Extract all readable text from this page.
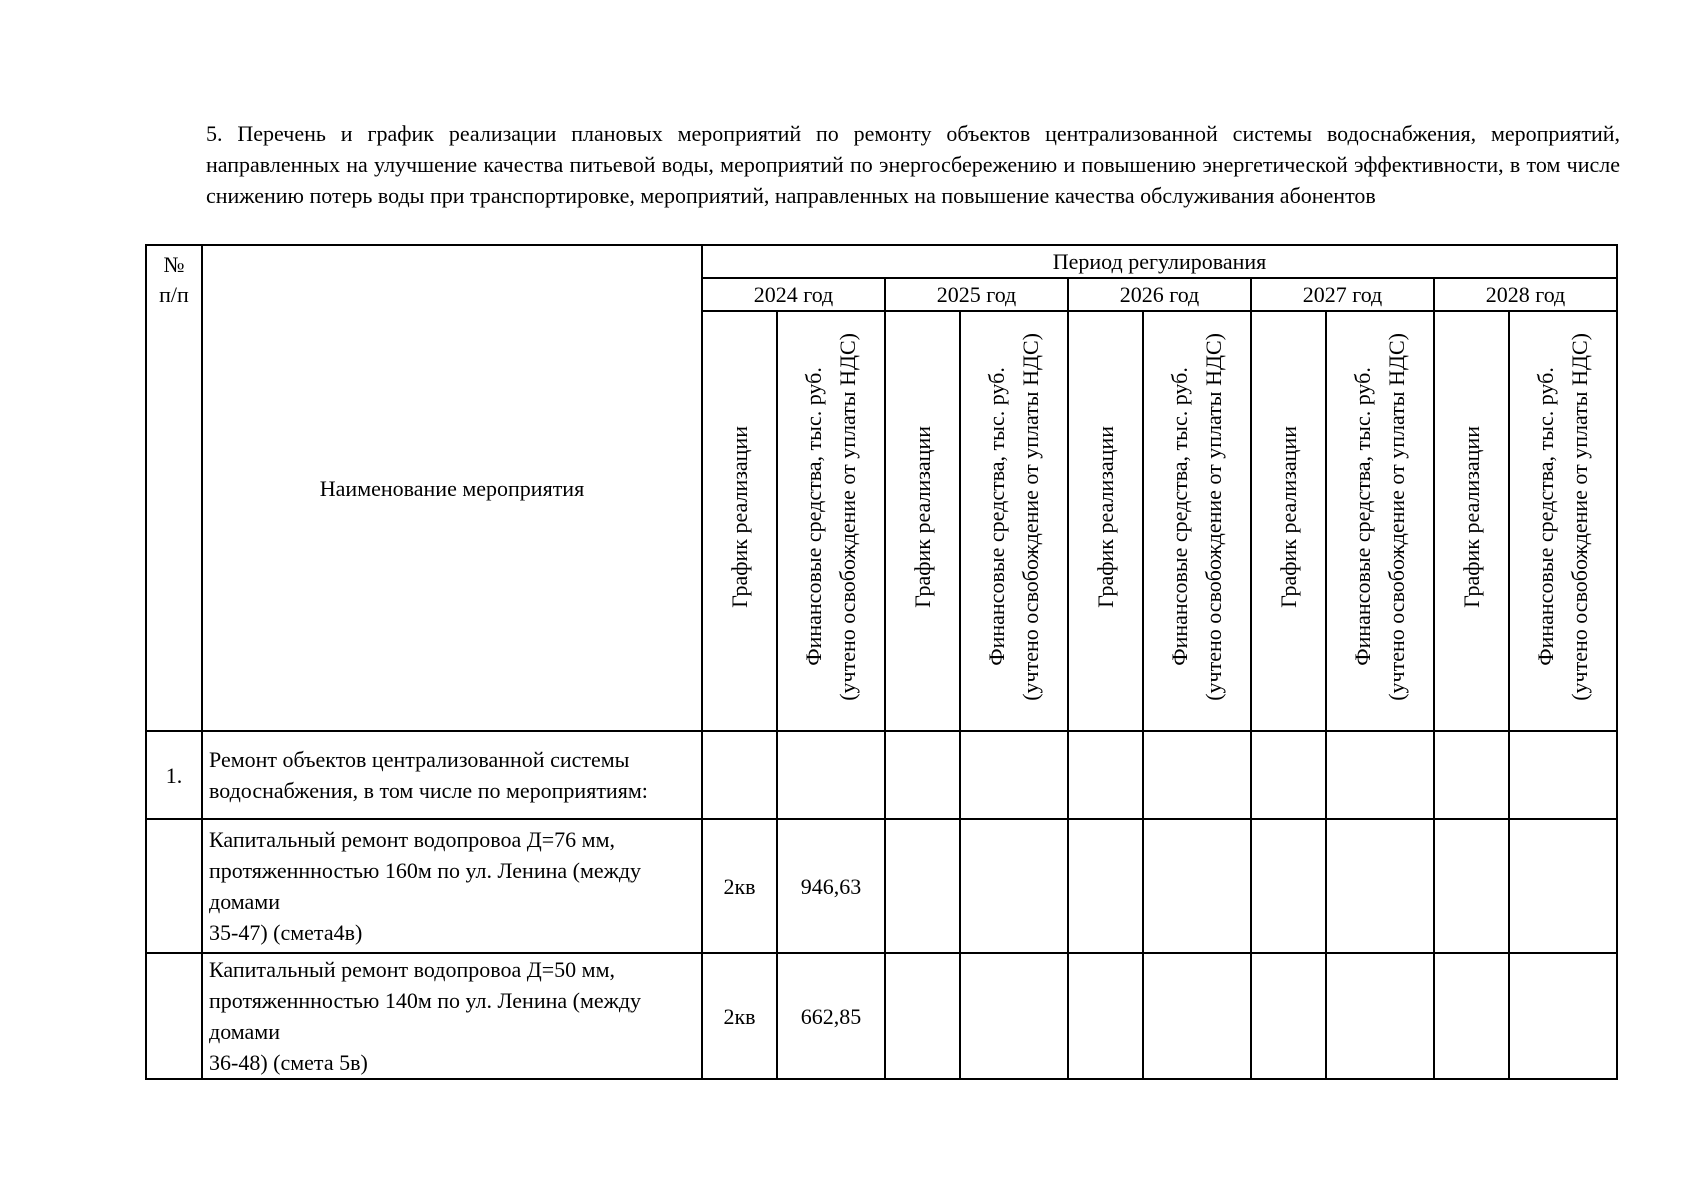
5. Перечень и график реализации плановых мероприятий по ремонту объектов централизованной системы водоснабжения, мероприятий, направленных на улучшение качества питьевой воды, мероприятий по энергосбережению и повышению энергетической эффективности, в том числе снижению потерь воды при транспортировке, мероприятий, направленных на повышение качества обслуживания абонентов
№
п/п	Наименование мероприятия	Период регулирования									
		2024 год		2025 год		2026 год		2027 год		2028 год	
		График реализации	Финансовые средства, тыс. руб. (учтено освобождение от уплаты НДС)	График реализации	Финансовые средства, тыс. руб. (учтено освобождение от уплаты НДС)	График реализации	Финансовые средства, тыс. руб. (учтено освобождение от уплаты НДС)	График реализации	Финансовые средства, тыс. руб. (учтено освобождение от уплаты НДС)	График реализации	Финансовые средства, тыс. руб. (учтено освобождение от уплаты НДС)
1.	Ремонт объектов централизованной системы
водоснабжения, в том числе по мероприятиям:										

	Капитальный ремонт водопровоа Д=76 мм,
протяженнностью 160м по ул. Ленина (между
домами
35-47) (смета4в)	2кв	946,63								

	Капитальный ремонт водопровоа Д=50 мм,
протяженнностью 140м по ул. Ленина (между
домами
36-48) (смета 5в)	2кв	662,85								
